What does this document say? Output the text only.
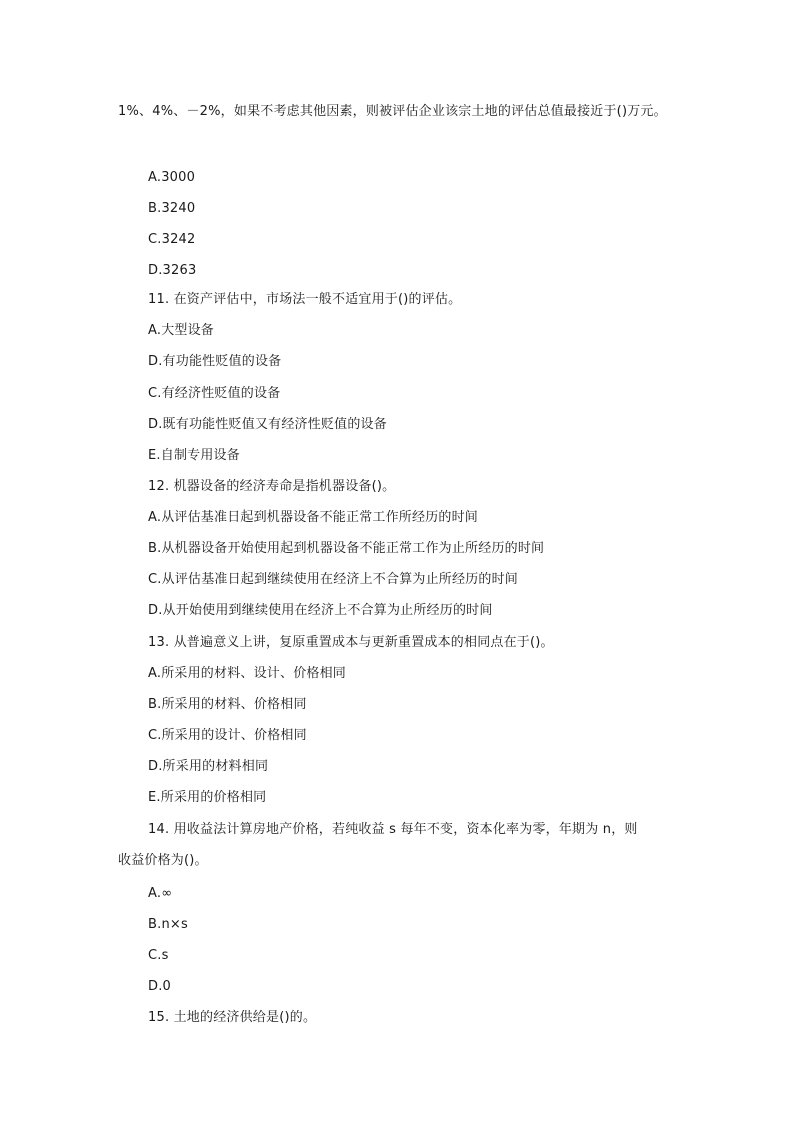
1%、4%、－2%，如果不考虑其他因素，则被评估企业该宗土地的评估总值最接近于()万元。
A.3000
B.3240
C.3242
D.3263
11. 在资产评估中，市场法一般不适宜用于()的评估。
A.大型设备
D.有功能性贬值的设备
C.有经济性贬值的设备
D.既有功能性贬值又有经济性贬值的设备
E.自制专用设备
12. 机器设备的经济寿命是指机器设备()。
A.从评估基准日起到机器设备不能正常工作所经历的时间
B.从机器设备开始使用起到机器设备不能正常工作为止所经历的时间
C.从评估基准日起到继续使用在经济上不合算为止所经历的时间
D.从开始使用到继续使用在经济上不合算为止所经历的时间
13. 从普遍意义上讲，复原重置成本与更新重置成本的相同点在于()。
A.所采用的材料、设计、价格相同
B.所采用的材料、价格相同
C.所采用的设计、价格相同
D.所采用的材料相同
E.所采用的价格相同
14. 用收益法计算房地产价格，若纯收益 s 每年不变，资本化率为零，年期为 n，则
收益价格为()。
A.∞
B.n×s
C.s
D.0
15. 土地的经济供给是()的。
